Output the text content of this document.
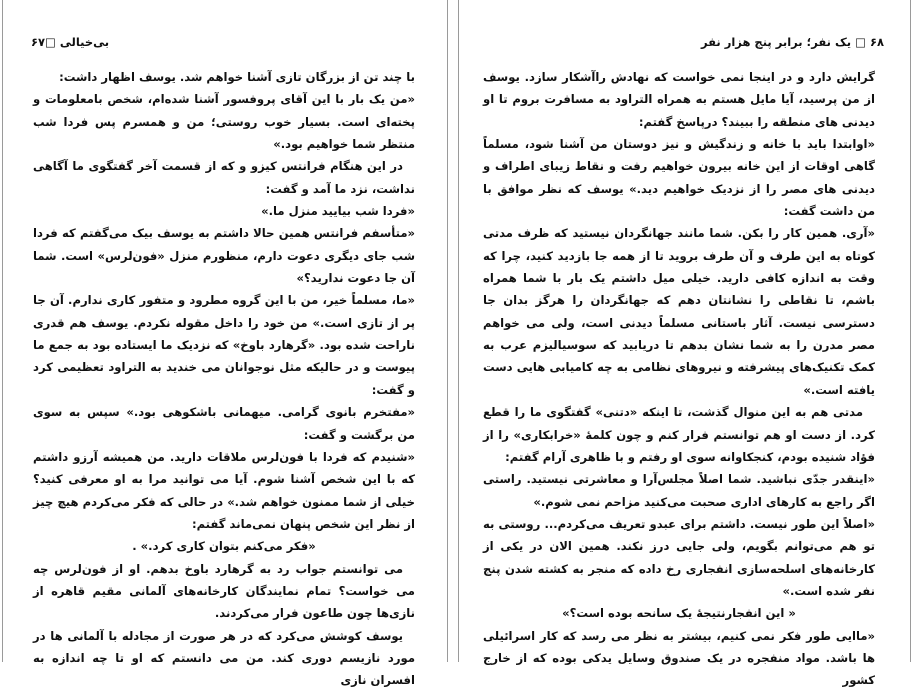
بی‌خیالی □۶۷

با چند تن از بزرگان تازی آشنا خواهم شد. یوسف اظهار داشت:

«من یک بار با این آقای پروفسور آشنا شده‌ام، شخص بامعلومات و پخته‌ای است. بسیار خوب روستی؛ من و همسرم پس فردا شب منتظر شما خواهیم بود.»

در این هنگام فرانتس کیزو و که از قسمت آخر گفتگوی ما آگاهی نداشت، نزد ما آمد و گفت:

«فردا شب بیایید منزل ما.»

«متأسفم فرانتس همین حالا داشتم به یوسف بیک می‌گفتم که فردا شب جای دیگری دعوت دارم، منظورم منزل «فون‌لرس» است. شما آن جا دعوت ندارید؟»

«ما، مسلماً خیر، من با این گروه مطرود و متفور کاری ندارم. آن جا پر از تازی است.» من خود را داخل مقوله نکردم. یوسف هم قدری ناراحت شده بود. «گرهارد باوخ» که نزدیک ما ایستاده بود به جمع ما پیوست و در حالیکه مثل نوجوانان می خندید به التراود تعظیمی کرد و گفت:

«مفتخرم بانوی گرامی. میهمانی باشکوهی بود.» سپس به سوی من برگشت و گفت:

«شنیدم که فردا با فون‌لرس ملاقات دارید. من همیشه آرزو داشتم که با این شخص آشنا شوم. آیا می توانید مرا به او معرفی کنید؟ خیلی از شما ممنون خواهم شد.» در حالی که فکر می‌کردم هیچ چیز از نظر این شخص پنهان نمی‌ماند گفتم:

«فکر می‌کنم بتوان کاری کرد.» .

می توانستم جواب رد به گرهارد باوخ بدهم. او از فون‌لرس چه می خواست؟ تمام نمایندگان کارخانه‌های آلمانی مقیم قاهره از نازی‌ها چون طاعون فرار می‌کردند.

یوسف کوشش می‌کرد که در هر صورت از مجادله با آلمانی ها در مورد نازیسم دوری کند. من می دانستم که او تا چه اندازه به افسران نازی

۶۸ □ یک نفر؛ برابر پنج هزار نفر

گرایش دارد و در اینجا نمی خواست که نهادش راآشکار سازد. یوسف از من پرسید، آیا مایل هستم به همراه التراود به مسافرت بروم تا او دیدنی های منطقه را ببیند؟ درپاسخ گفتم:

«اوابتدا باید با خانه و زندگیش و نیز دوستان من آشنا شود، مسلماً گاهی اوقات از این خانه بیرون خواهیم رفت و نقاط زیبای اطراف و دیدنی های مصر را از نزدیک خواهیم دید.» یوسف که نظر موافق با من داشت گفت:

«آری. همین کار را بکن. شما مانند جهانگردان نیستید که ظرف مدتی کوتاه به این طرف و آن طرف بروید تا از همه جا بازدید کنید، چرا که وقت به اندازه کافی دارید. خیلی میل داشتم یک بار با شما همراه باشم، تا نقاطی را نشانتان دهم که جهانگردان را هرگز بدان جا دسترسی نیست. آثار باستانی مسلماً دیدنی است، ولی می خواهم مصر مدرن را به شما نشان بدهم تا دریابید که سوسیالیزم عرب به کمک تکنیک‌های پیشرفته و نیروهای نظامی به چه کامیابی هایی دست یافته است.»

مدتی هم به این منوال گذشت، تا اینکه «دتنی» گفتگوی ما را قطع کرد. از دست او هم توانستم فرار کنم و چون کلمهٔ «خرابکاری» را از فؤاد شنیده بودم، کنجکاوانه سوی او رفتم و با ظاهری آرام گفتم:

«اینقدر جدّی نباشید. شما اصلاً مجلس‌آرا و معاشرتی نیستید. راستی اگر راجع به کارهای اداری صحبت می‌کنید مزاحم نمی شوم.»

«اصلاً این طور نیست. داشتم برای عبدو تعریف می‌کردم... روستی به تو هم می‌توانم بگویم، ولی جایی درز نکند. همین الان در یکی از کارخانه‌های اسلحه‌سازی انفجاری رخ داده که منجر به کشته شدن پنج نفر شده است.»

« این انفجارنتیجهٔ یک سانحه بوده است؟»

«ماایی طور فکر نمی کنیم، بیشتر به نظر می رسد که کار اسرائیلی ها باشد. مواد منفجره در یک صندوق وسایل یدکی بوده که از خارج کشور
